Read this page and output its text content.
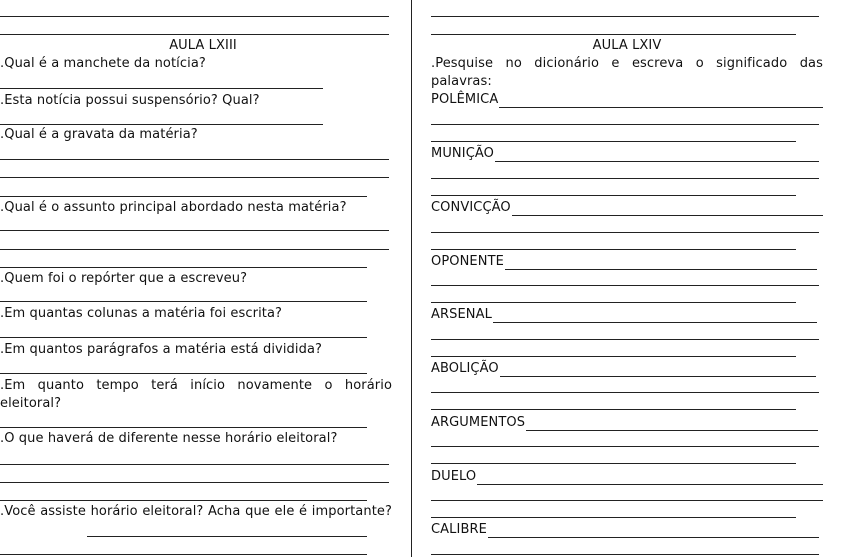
AULA LXIII
.Qual é a manchete da notícia?
.Esta notícia possui suspensório? Qual?
.Qual é a gravata da matéria?
.Qual é o assunto principal abordado nesta matéria?
.Quem foi o repórter que a escreveu?
.Em quantas colunas a matéria foi escrita?
.Em quantos parágrafos a matéria está dividida?
.Em quanto tempo terá início novamente o horário eleitoral?
.O que haverá de diferente nesse horário eleitoral?
.Você assiste horário eleitoral? Acha que ele é importante?
AULA LXIV
.Pesquise no dicionário e escreva o significado das palavras:
POLÊMICA
MUNIÇÃO
CONVICÇÃO
OPONENTE
ARSENAL
ABOLIÇÃO
ARGUMENTOS
DUELO
CALIBRE
